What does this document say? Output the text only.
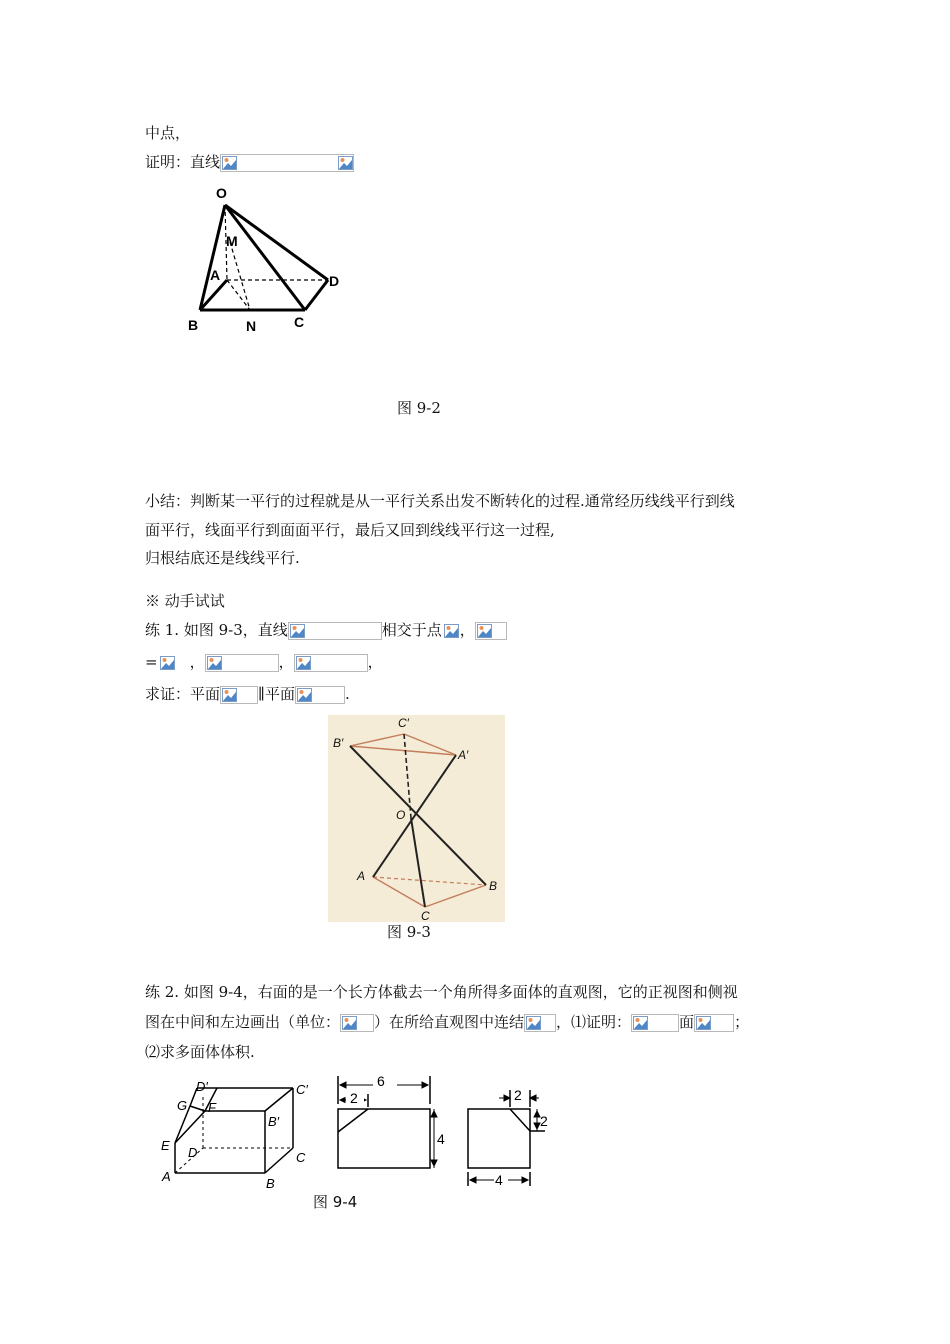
中点，
证明：直线
O
M
A	D
B	N	C
图 9-2
小结：判断某一平行的过程就是从一平行关系出发不断转化的过程.通常经历线线平行到线
面平行，线面平行到面面平行，最后又回到线线平行这一过程,
归根结底还是线线平行.
※ 动手试试
练 1. 如图 9-3，直线	相交于点 ，
= ，	，	，
求证：平面	∥平面	.
C′
B′
A′
O
A
B
C
图 9-3
练 2. 如图 9-4，右面的是一个长方体截去一个角所得多面体的直观图，它的正视图和侧视
图在中间和左边画出（单位： ）在所给直观图中连结 ，⑴证明：	面	；
⑵求多面体体积.
D′	C′
G F
B′
E D	C
A	B
6
2
4
2
2
4
图 9-4
